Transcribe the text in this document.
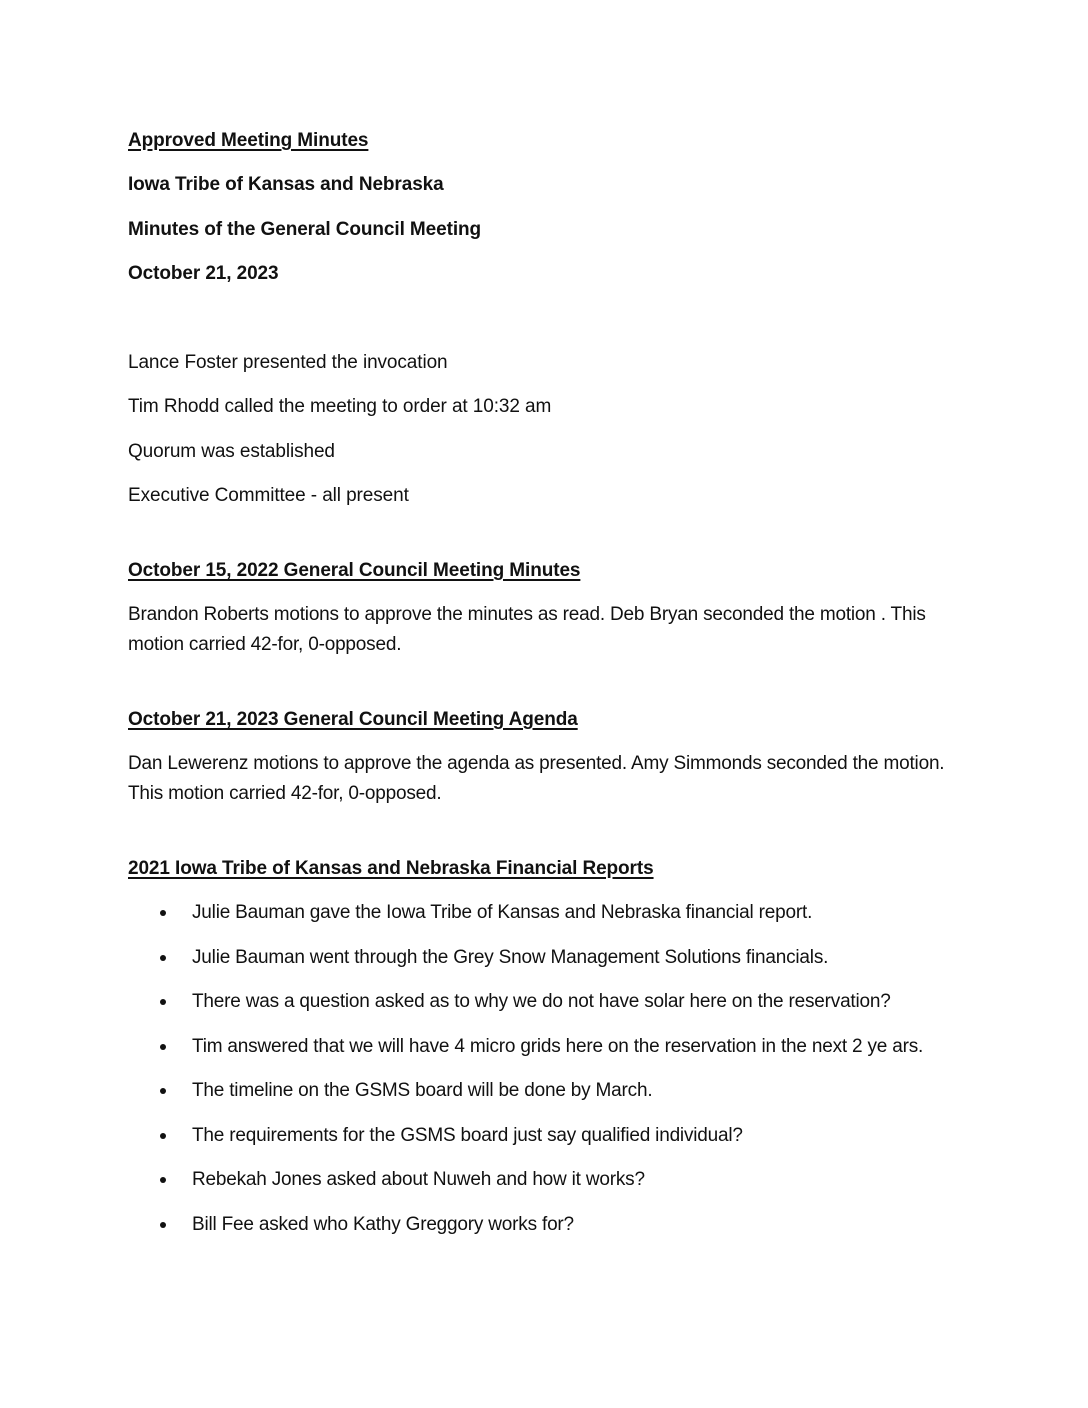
Approved Meeting Minutes
Iowa Tribe of Kansas and Nebraska
Minutes of the General Council Meeting
October 21, 2023
Lance Foster presented the invocation
Tim Rhodd called the meeting to order at 10:32 am
Quorum was established
Executive Committee - all present
October 15, 2022 General Council Meeting Minutes
Brandon Roberts motions to approve the minutes as read. Deb Bryan seconded the motion . This motion carried 42-for, 0-opposed.
October 21, 2023 General Council Meeting Agenda
Dan Lewerenz motions to approve the agenda as presented. Amy Simmonds seconded the motion. This motion carried 42-for, 0-opposed.
2021 Iowa Tribe of Kansas and Nebraska Financial Reports
Julie Bauman gave the Iowa Tribe of Kansas and Nebraska financial report.
Julie Bauman went through the Grey Snow Management Solutions financials.
There was a question asked as to why we do not have solar here on the reservation?
Tim answered that we will have 4 micro grids here on the reservation in the next 2 ye ars.
The timeline on the GSMS board will be done by March.
The requirements for the GSMS board just say qualified individual?
Rebekah Jones asked about Nuweh and how it works?
Bill Fee asked who Kathy Greggory works for?
